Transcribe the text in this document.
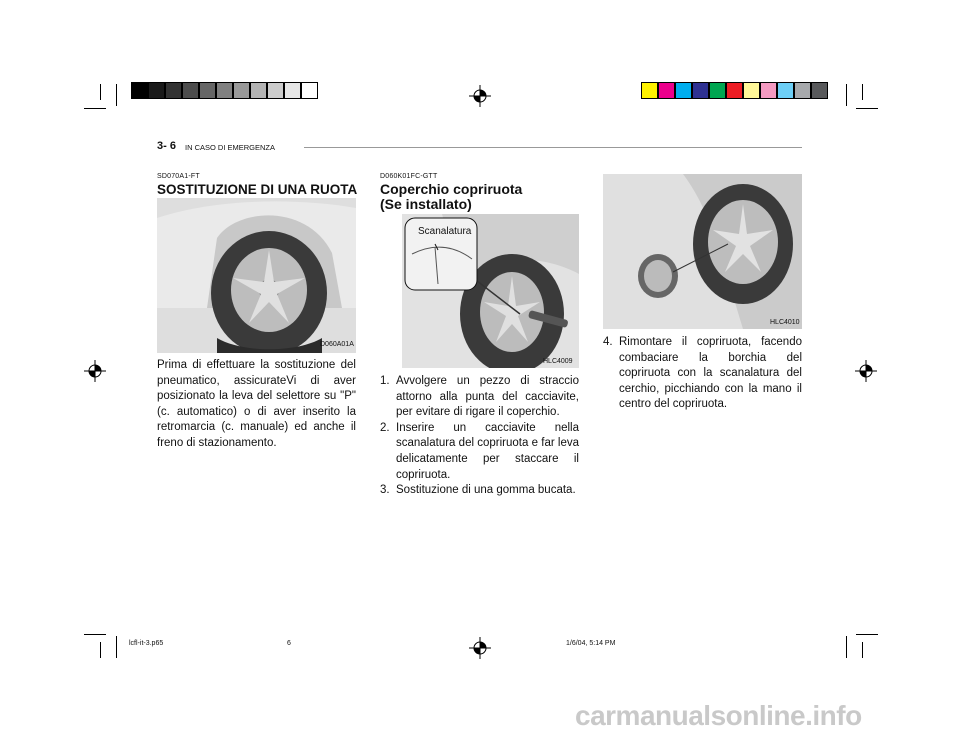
3- 6 IN CASO DI EMERGENZA
SD070A1-FT
SOSTITUZIONE DI UNA RUOTA
D060A01A
Prima di effettuare la sostituzione del pneumatico, assicurateVi di aver posizionato la leva del selettore su "P" (c. automatico) o di aver inserito la retromarcia (c. manuale) ed anche il freno di stazionamento.
D060K01FC-GTT
Coperchio copriruota
(Se installato)
Scanalatura
HLC4009
1. Avvolgere un pezzo di straccio attorno alla punta del cacciavite, per evitare di rigare il coperchio.
2. Inserire un cacciavite nella scanalatura del copriruota e far leva delicatamente per staccare il copriruota.
3. Sostituzione di una gomma bucata.
HLC4010
4. Rimontare il copriruota, facendo combaciare la borchia del copriruota con la scanalatura del cerchio, picchiando con la mano il centro del copriruota.
lcfl-it-3.p65	6	1/6/04, 5:14 PM
carmanualsonline.info
